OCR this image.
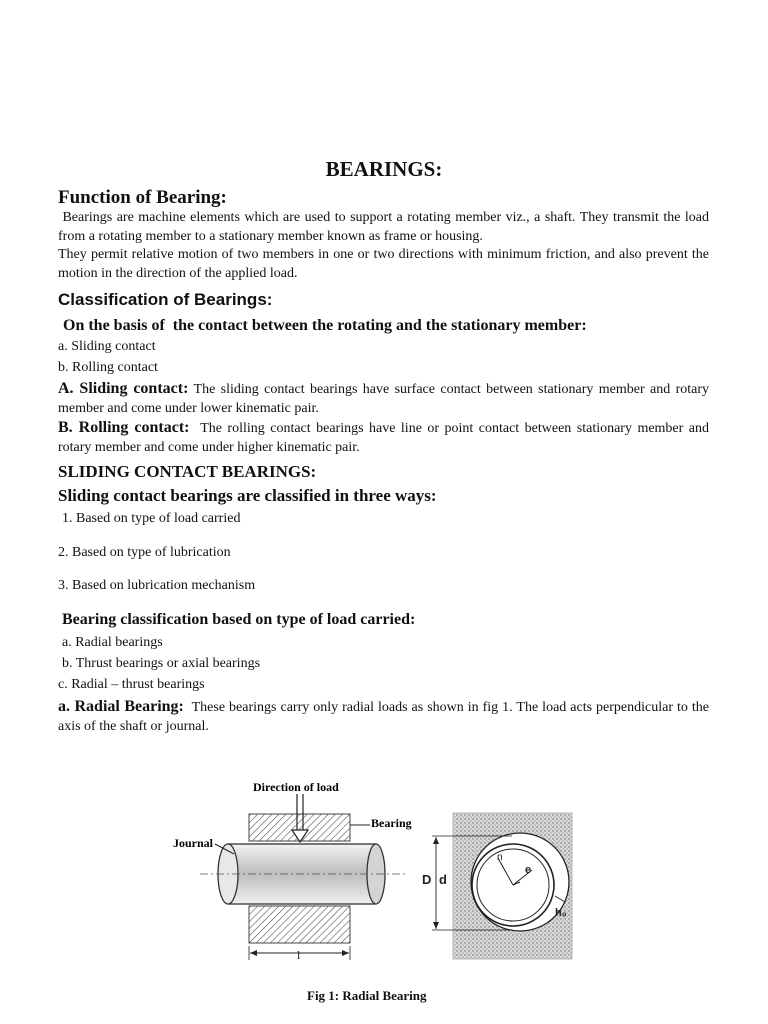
BEARINGS:
Function of Bearing:
Bearings are machine elements which are used to support a rotating member viz., a shaft. They transmit the load from a rotating member to a stationary member known as frame or housing.
They permit relative motion of two members in one or two directions with minimum friction, and also prevent the motion in the direction of the applied load.
Classification of Bearings:
On the basis of  the contact between the rotating and the stationary member:
a. Sliding contact
b. Rolling contact
A. Sliding contact: The sliding contact bearings have surface contact between stationary member and rotary member and come under lower kinematic pair.
B. Rolling contact:  The rolling contact bearings have line or point contact between stationary member and rotary member and come under higher kinematic pair.
SLIDING CONTACT BEARINGS:
Sliding contact bearings are classified in three ways:
1. Based on type of load carried
2. Based on type of lubrication
3. Based on lubrication mechanism
Bearing classification based on type of load carried:
a. Radial bearings
b. Thrust bearings or axial bearings
c. Radial – thrust bearings
a. Radial Bearing:  These bearings carry only radial loads as shown in fig 1. The load acts perpendicular to the axis of the shaft or journal.
Direction of load
Bearing
Journal
l
n
e
D d
h₀
Fig 1: Radial Bearing
